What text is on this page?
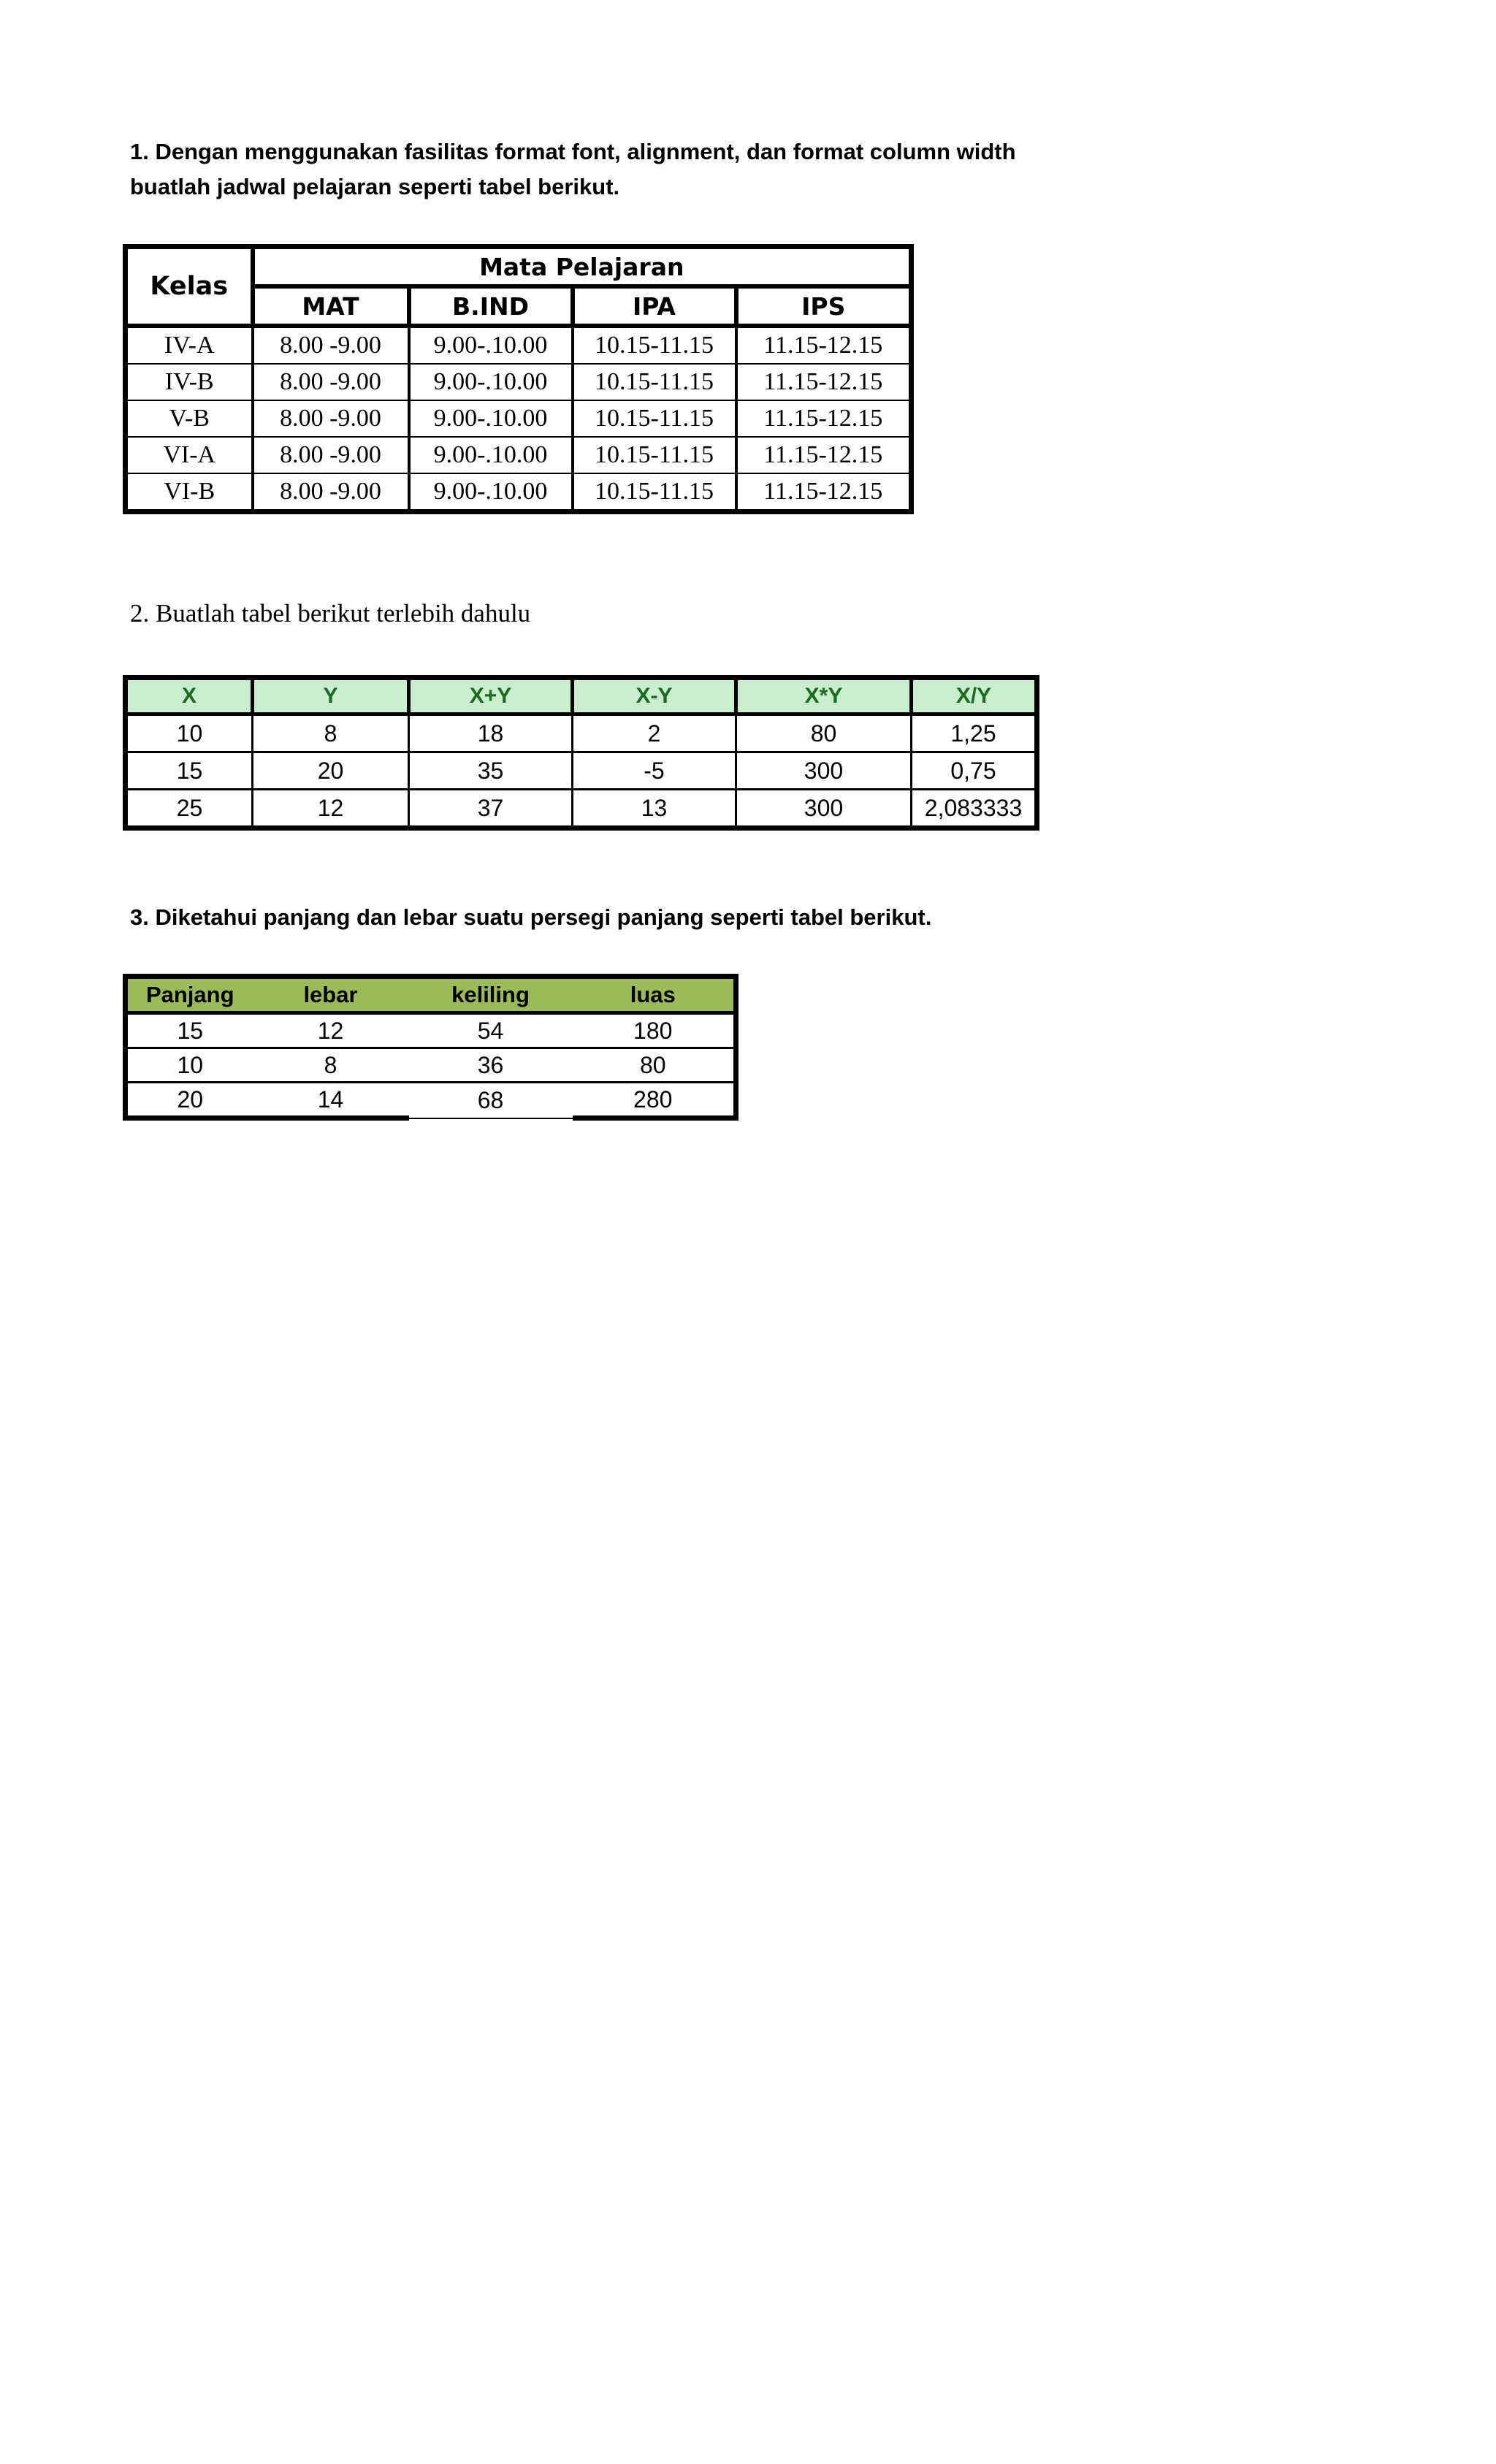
1. Dengan menggunakan fasilitas format font, alignment, dan format column width
buatlah jadwal pelajaran seperti tabel berikut.
Kelas	Mata Pelajaran			
	MAT	B.IND	IPA	IPS
IV-A	8.00 -9.00	9.00-.10.00	10.15-11.15	11.15-12.15
IV-B	8.00 -9.00	9.00-.10.00	10.15-11.15	11.15-12.15
V-B	8.00 -9.00	9.00-.10.00	10.15-11.15	11.15-12.15
VI-A	8.00 -9.00	9.00-.10.00	10.15-11.15	11.15-12.15
VI-B	8.00 -9.00	9.00-.10.00	10.15-11.15	11.15-12.15
2. Buatlah tabel berikut terlebih dahulu
X	Y	X+Y	X-Y	X*Y	X/Y
10	8	18	2	80	1,25
15	20	35	-5	300	0,75
25	12	37	13	300	2,083333
3. Diketahui panjang dan lebar suatu persegi panjang seperti tabel berikut.
Panjang	lebar	keliling	luas
15	12	54	180
10	8	36	80
20	14	68	280
